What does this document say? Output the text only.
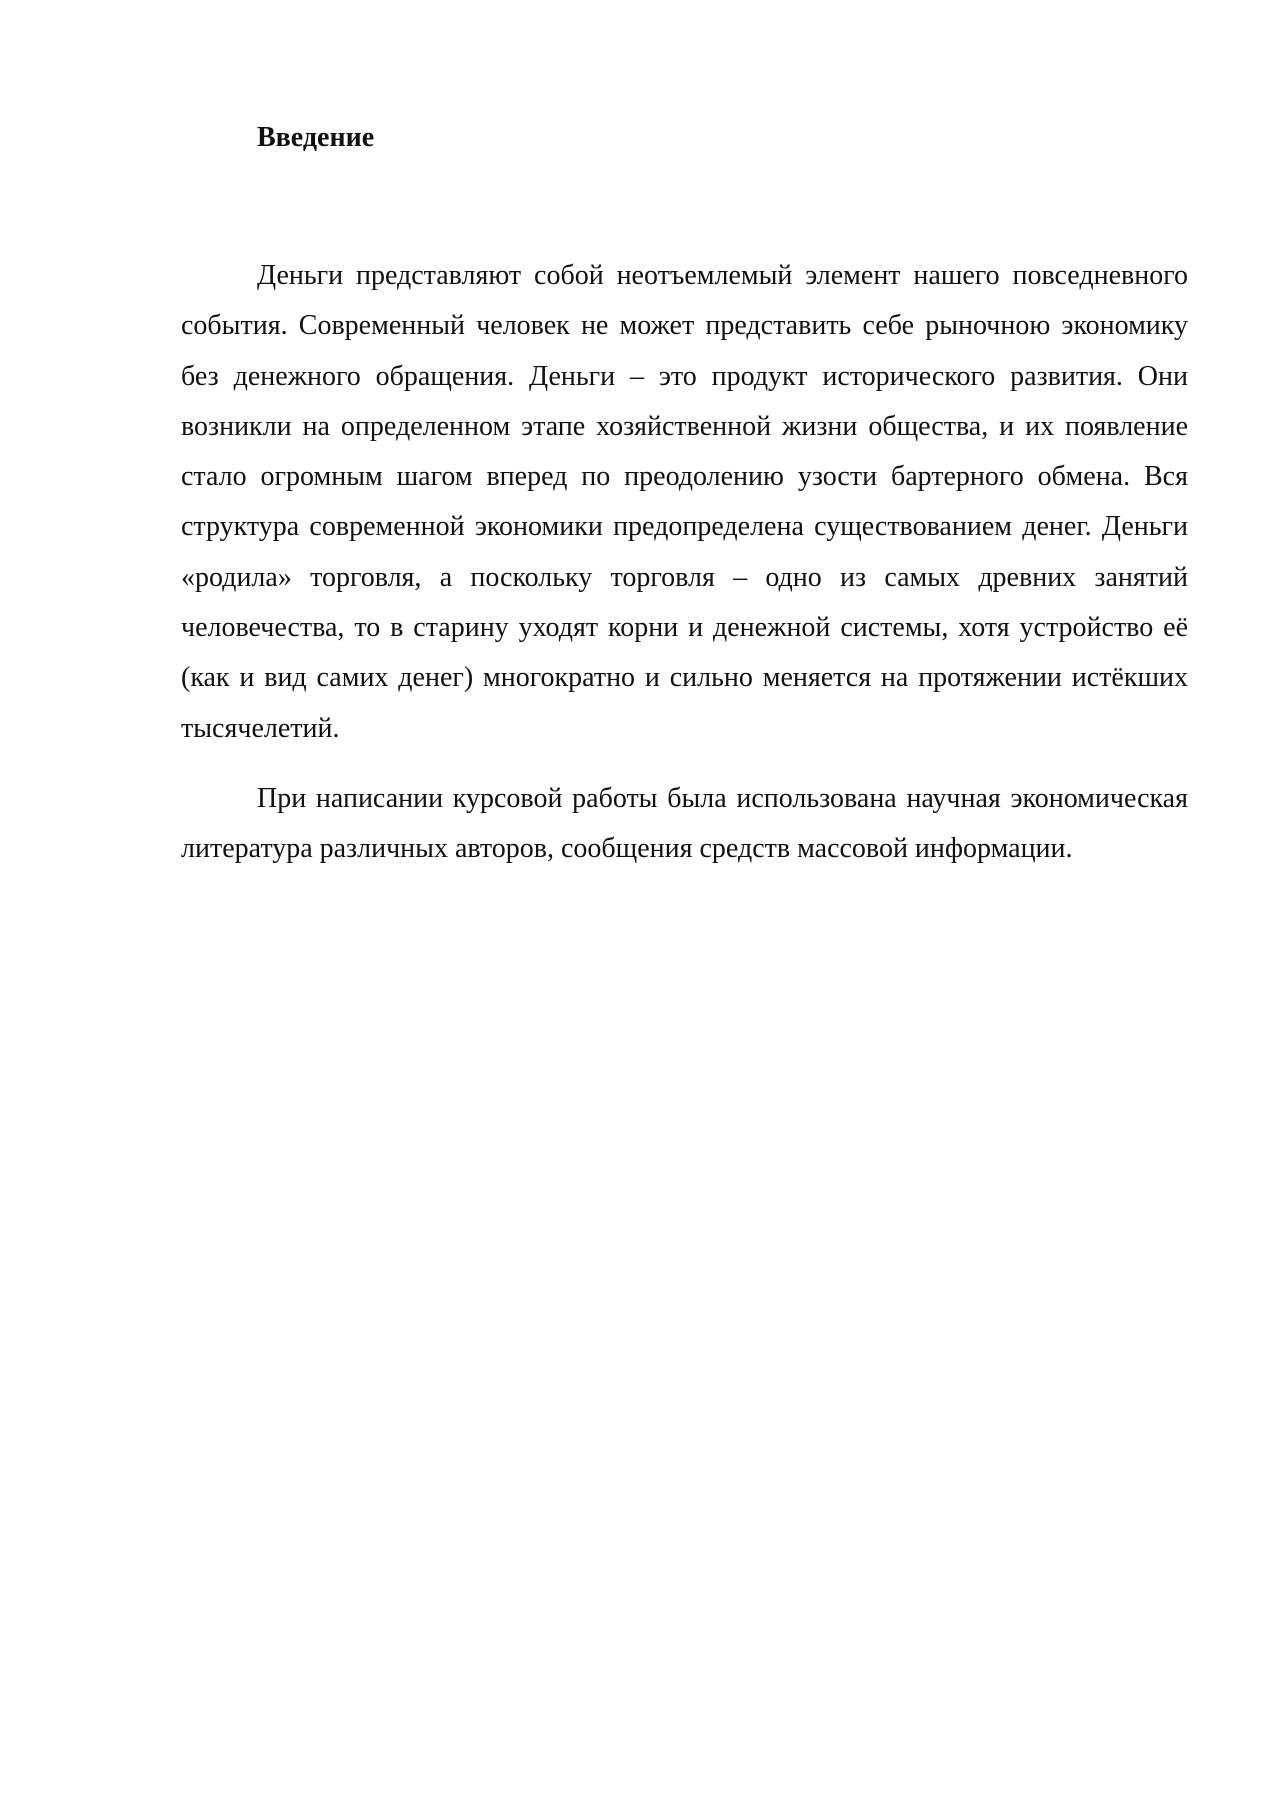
Введение

Деньги представляют собой неотъемлемый элемент нашего повседневного события. Современный человек не может представить себе рыночною экономику без денежного обращения. Деньги – это продукт исторического развития. Они возникли на определенном этапе хозяйственной жизни общества, и их появление стало огромным шагом вперед по преодолению узости бартерного обмена. Вся структура современной экономики предопределена существованием денег. Деньги «родила» торговля, а поскольку торговля – одно из самых древних занятий человечества, то в старину уходят корни и денежной системы, хотя устройство её (как и вид самих денег) многократно и сильно меняется на протяжении истёкших тысячелетий.

При написании курсовой работы была использована научная экономическая литература различных авторов, сообщения средств массовой информации.
